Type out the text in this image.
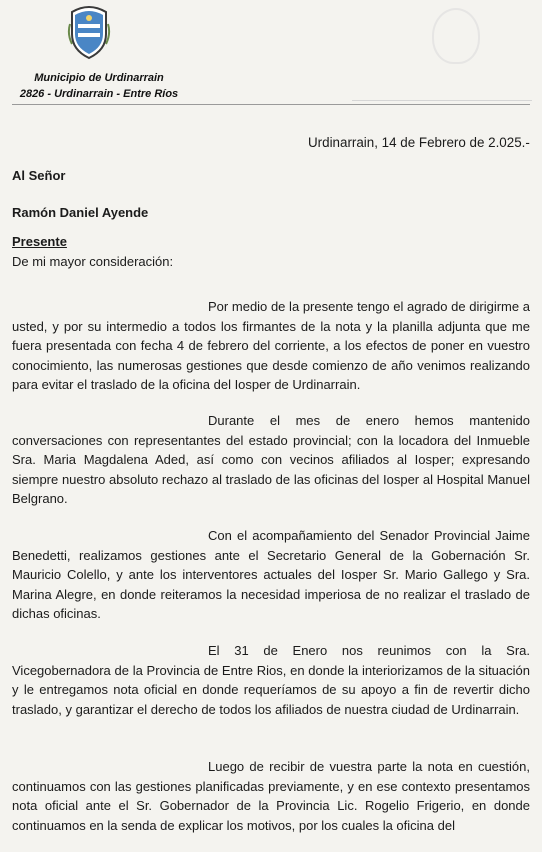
Municipio de Urdinarrain
2826 - Urdinarrain - Entre Ríos
Urdinarrain, 14 de Febrero de 2.025.-
Al Señor
Ramón Daniel Ayende
Presente
De mi mayor consideración:
Por medio de la presente tengo el agrado de dirigirme a usted, y por su intermedio a todos los firmantes de la nota y la planilla adjunta que me fuera presentada con fecha 4 de febrero del corriente, a los efectos de poner en vuestro conocimiento, las numerosas gestiones que desde comienzo de año venimos realizando para evitar el traslado de la oficina del Iosper de Urdinarrain.
Durante el mes de enero hemos mantenido conversaciones con representantes del estado provincial; con la locadora del Inmueble Sra. Maria Magdalena Aded, así como con vecinos afiliados al Iosper; expresando siempre nuestro absoluto rechazo al traslado de las oficinas del Iosper al Hospital Manuel Belgrano.
Con el acompañamiento del Senador Provincial Jaime Benedetti, realizamos gestiones ante el Secretario General de la Gobernación Sr. Mauricio Colello, y ante los interventores actuales del Iosper Sr. Mario Gallego y Sra. Marina Alegre, en donde reiteramos la necesidad imperiosa de no realizar el traslado de dichas oficinas.
El 31 de Enero nos reunimos con la Sra. Vicegobernadora de la Provincia de Entre Rios, en donde la interiorizamos de la situación y le entregamos nota oficial en donde requeríamos de su apoyo a fin de revertir dicho traslado, y garantizar el derecho de todos los afiliados de nuestra ciudad de Urdinarrain.
Luego de recibir de vuestra parte la nota en cuestión, continuamos con las gestiones planificadas previamente, y en ese contexto presentamos nota oficial ante el Sr. Gobernador de la Provincia Lic. Rogelio Frigerio, en donde continuamos en la senda de explicar los motivos, por los cuales la oficina del
